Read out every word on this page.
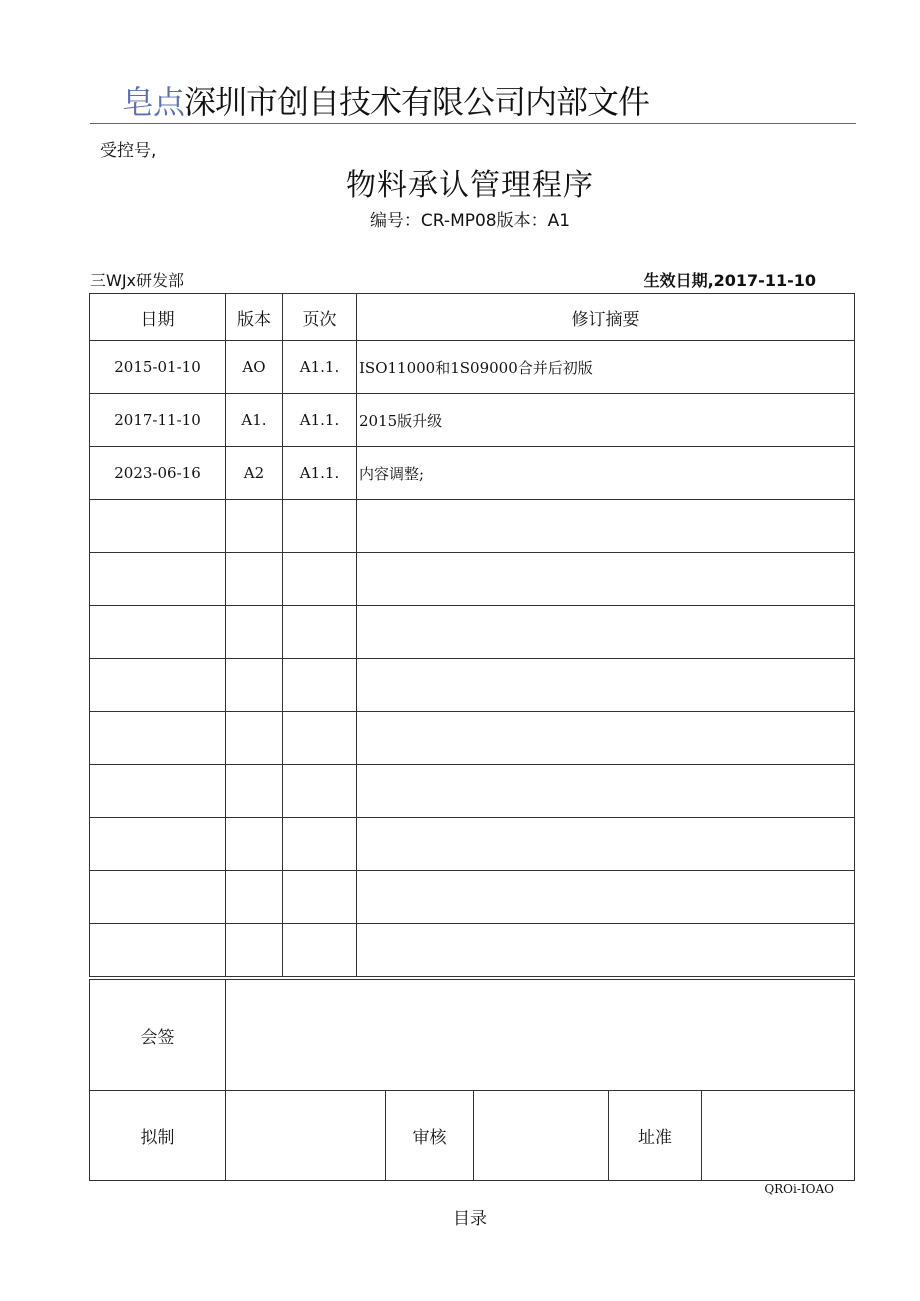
皂点深圳市创自技术有限公司内部文件
受控号,
物料承认管理程序
编号：CR-MP08版本：A1
三WJx研发部	生效日期,2017-11-10
日期	版本	页次	修订摘要
2015-01-10	AO	A1.1.	ISO11000和1S09000合并后初版
2017-11-10	A1.	A1.1.	2015版升级
2023-06-16	A2	A1.1.	内容调整;

会签					
拟制		审核		址准	
QROi-IOAO
目录
